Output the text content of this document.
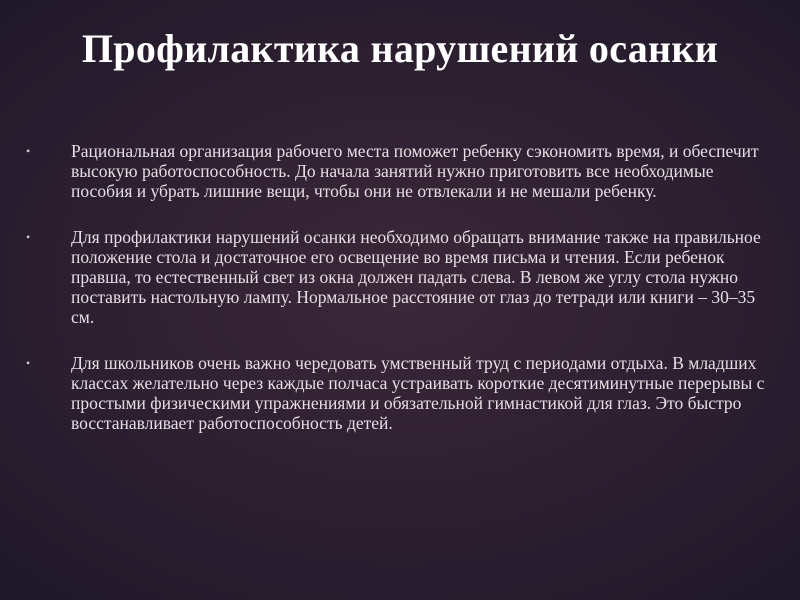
Профилактика нарушений осанки
•	Рациональная организация рабочего места поможет ребенку сэкономить время, и обеспечит высокую работоспособность. До начала занятий нужно приготовить все необходимые пособия и убрать лишние вещи, чтобы они не отвлекали и не мешали ребенку.
•	Для профилактики нарушений осанки необходимо обращать внимание также на правильное положение стола и достаточное его освещение во время письма и чтения. Если ребенок правша, то естественный свет из окна должен падать слева. В левом же углу стола нужно поставить настольную лампу. Нормальное расстояние от глаз до тетради или книги – 30–35 см.
•	Для школьников очень важно чередовать умственный труд с периодами отдыха. В младших классах желательно через каждые полчаса устраивать короткие десятиминутные перерывы с простыми физическими упражнениями и обязательной гимнастикой для глаз. Это быстро восстанавливает работоспособность детей.
